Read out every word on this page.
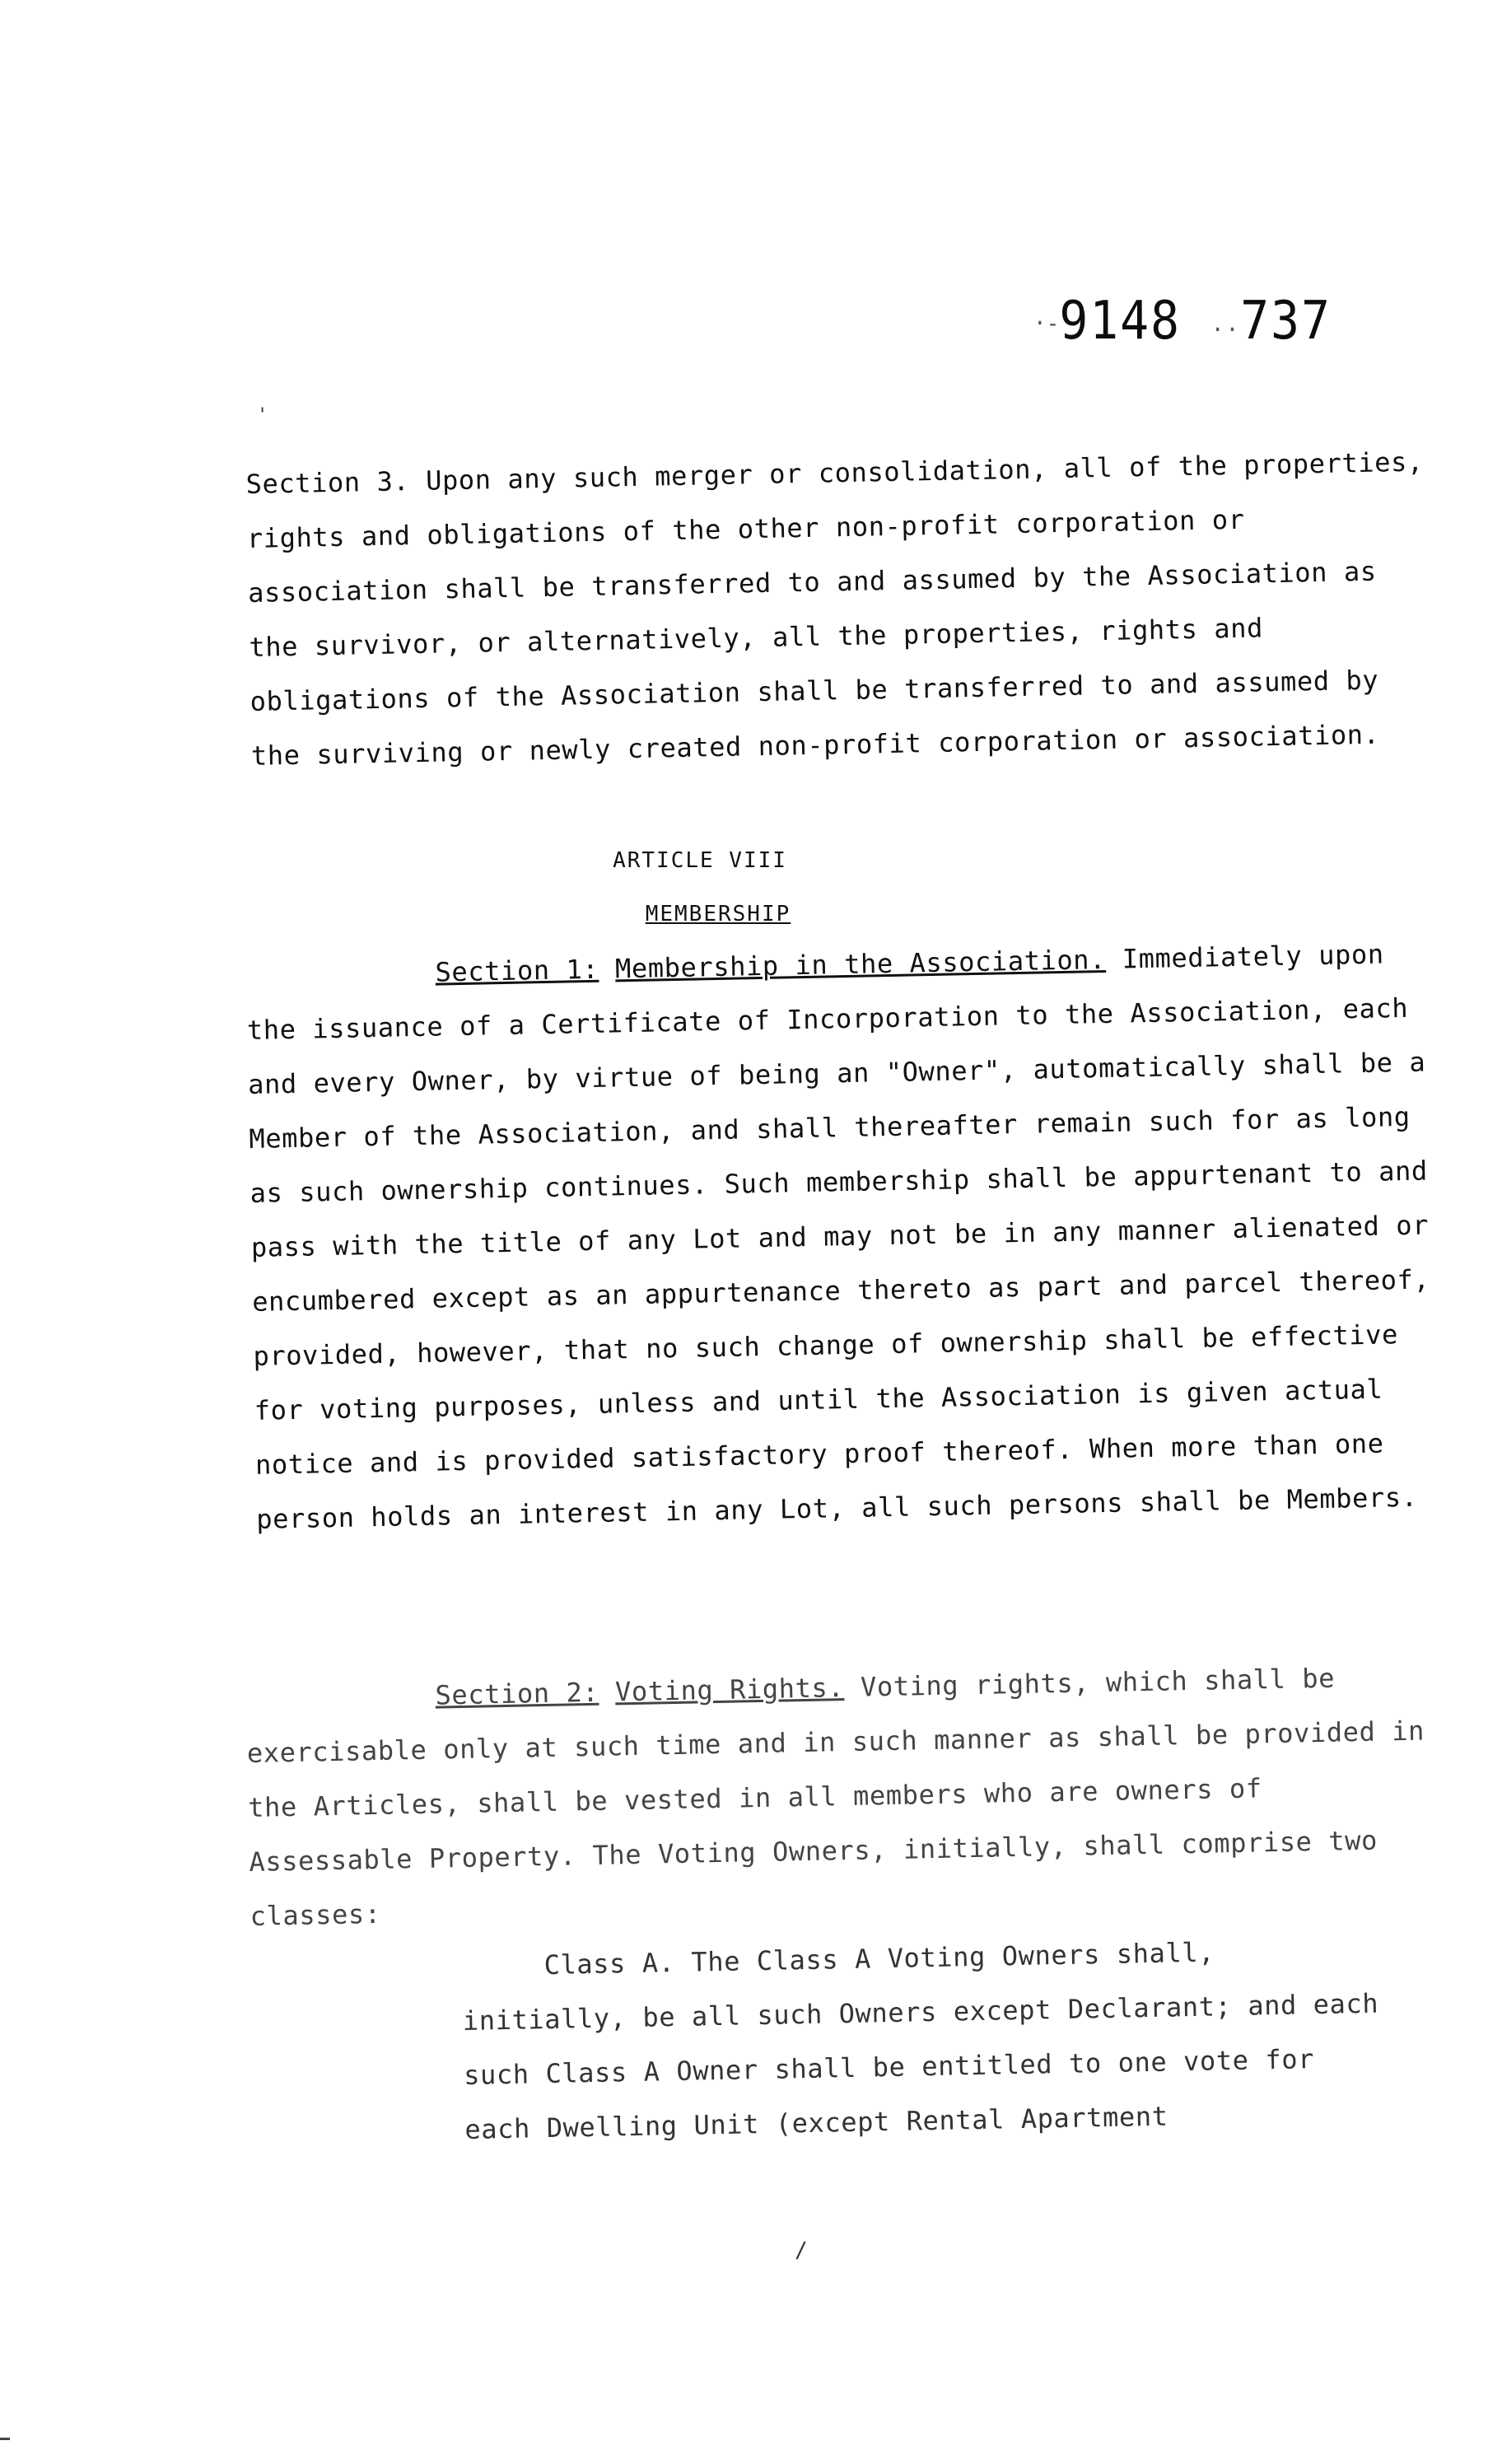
·‑9148 ..737
'

Section 3. Upon any such merger or consolidation, all of the properties, rights and obligations of the other non-profit corporation or association shall be transferred to and assumed by the Association as the survivor, or alternatively, all the properties, rights and obligations of the Association shall be transferred to and assumed by the surviving or newly created non-profit corporation or association.

ARTICLE VIII

MEMBERSHIP

Section 1: Membership in the Association. Immediately upon the issuance of a Certificate of Incorporation to the Association, each and every Owner, by virtue of being an "Owner", automatically shall be a Member of the Association, and shall thereafter remain such for as long as such ownership continues. Such membership shall be appurtenant to and pass with the title of any Lot and may not be in any manner alienated or encumbered except as an appurtenance thereto as part and parcel thereof, provided, however, that no such change of ownership shall be effective for voting purposes, unless and until the Association is given actual notice and is provided satisfactory proof thereof. When more than one person holds an interest in any Lot, all such persons shall be Members.

Section 2: Voting Rights. Voting rights, which shall be exercisable only at such time and in such manner as shall be provided in the Articles, shall be vested in all members who are owners of Assessable Property. The Voting Owners, initially, shall comprise two classes:

Class A. The Class A Voting Owners shall, initially, be all such Owners except Declarant; and each such Class A Owner shall be entitled to one vote for each Dwelling Unit (except Rental Apartment

/
